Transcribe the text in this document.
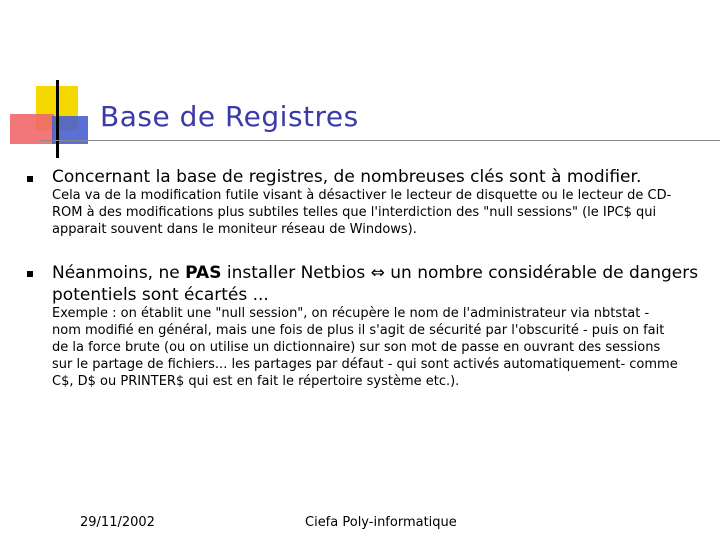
Base de Registres
Concernant la base de registres, de nombreuses clés sont à modifier.
Cela va de la modification futile visant à désactiver le lecteur de disquette ou le lecteur de CD-ROM à des modifications plus subtiles telles que l'interdiction des "null sessions" (le IPC$ qui apparait souvent dans le moniteur réseau de Windows).
Néanmoins, ne PAS installer Netbios ⇔ un nombre considérable de dangers potentiels sont écartés ...
Exemple : on établit une "null session", on récupère le nom de l'administrateur via nbtstat - nom modifié en général, mais une fois de plus il s'agit de sécurité par l'obscurité - puis on fait de la force brute (ou on utilise un dictionnaire) sur son mot de passe en ouvrant des sessions sur le partage de fichiers... les partages par défaut - qui sont activés automatiquement- comme C$, D$ ou PRINTER$ qui est en fait le répertoire système etc.).
29/11/2002	Ciefa Poly-informatique
